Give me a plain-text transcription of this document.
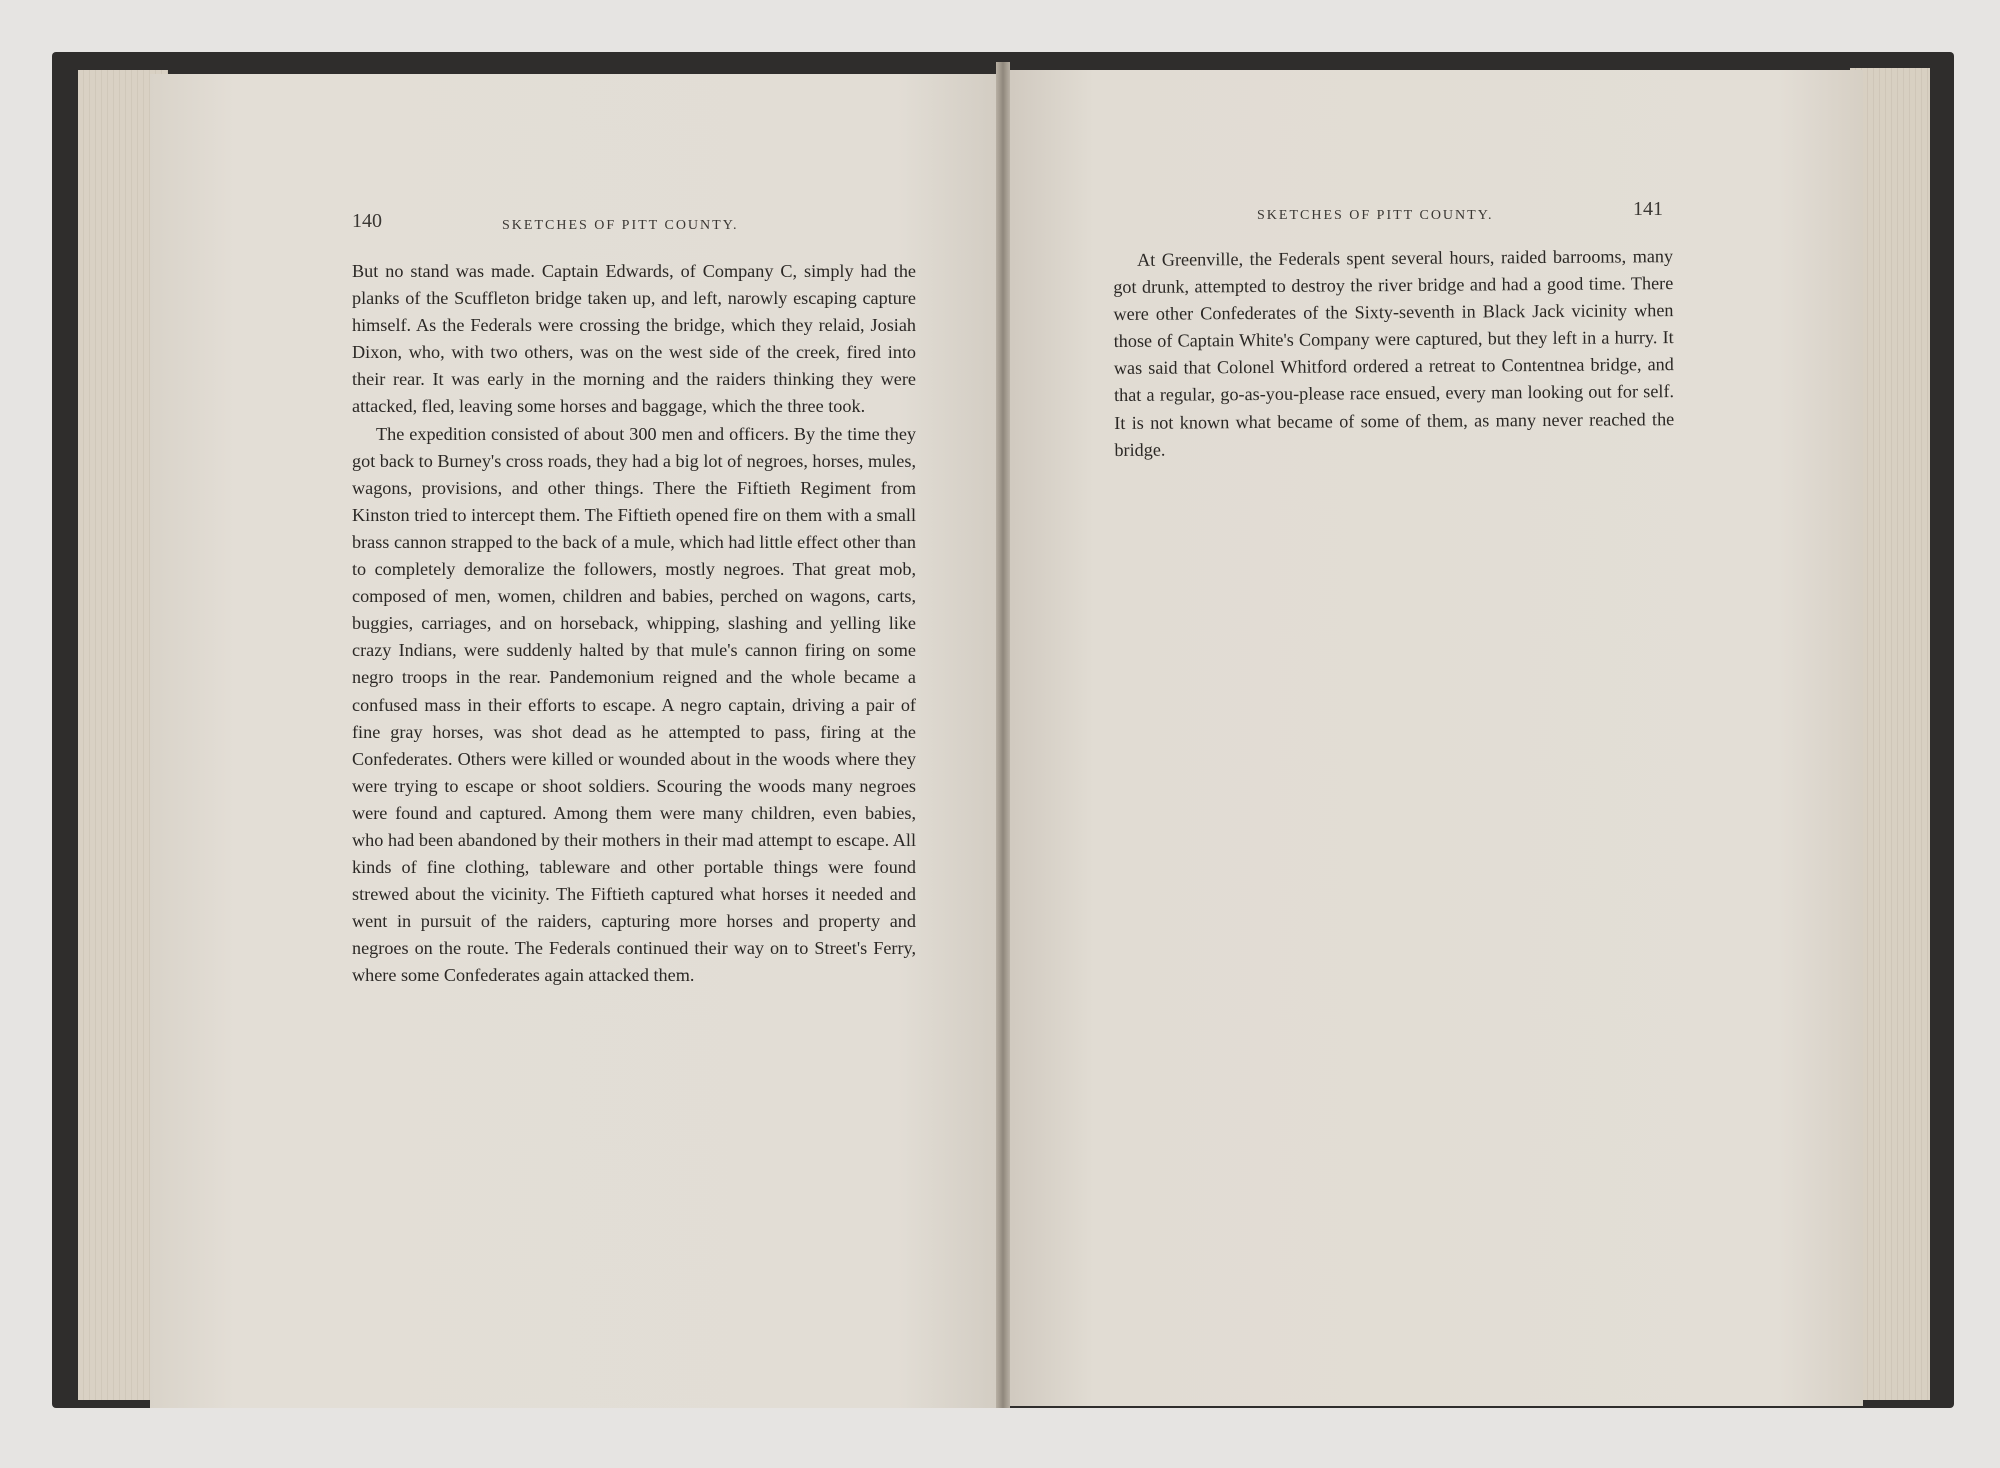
140	SKETCHES OF PITT COUNTY.

But no stand was made. Captain Edwards, of Company C, simply had the planks of the Scuffleton bridge taken up, and left, narowly escaping capture himself. As the Federals were crossing the bridge, which they relaid, Josiah Dixon, who, with two others, was on the west side of the creek, fired into their rear. It was early in the morning and the raiders thinking they were attacked, fled, leaving some horses and baggage, which the three took.

The expedition consisted of about 300 men and officers. By the time they got back to Burney's cross roads, they had a big lot of negroes, horses, mules, wagons, provisions, and other things. There the Fiftieth Regiment from Kinston tried to intercept them. The Fiftieth opened fire on them with a small brass cannon strapped to the back of a mule, which had little effect other than to completely demoralize the followers, mostly negroes. That great mob, composed of men, women, children and babies, perched on wagons, carts, buggies, carriages, and on horseback, whipping, slashing and yelling like crazy Indians, were suddenly halted by that mule's cannon firing on some negro troops in the rear. Pandemonium reigned and the whole became a confused mass in their efforts to escape. A negro captain, driving a pair of fine gray horses, was shot dead as he attempted to pass, firing at the Confederates. Others were killed or wounded about in the woods where they were trying to escape or shoot soldiers. Scouring the woods many negroes were found and captured. Among them were many children, even babies, who had been abandoned by their mothers in their mad attempt to escape. All kinds of fine clothing, tableware and other portable things were found strewed about the vicinity. The Fiftieth captured what horses it needed and went in pursuit of the raiders, capturing more horses and property and negroes on the route. The Federals continued their way on to Street's Ferry, where some Confederates again attacked them.

SKETCHES OF PITT COUNTY.	141

At Greenville, the Federals spent several hours, raided barrooms, many got drunk, attempted to destroy the river bridge and had a good time. There were other Confederates of the Sixty-seventh in Black Jack vicinity when those of Captain White's Company were captured, but they left in a hurry. It was said that Colonel Whitford ordered a retreat to Contentnea bridge, and that a regular, go-as-you-please race ensued, every man looking out for self. It is not known what became of some of them, as many never reached the bridge.
